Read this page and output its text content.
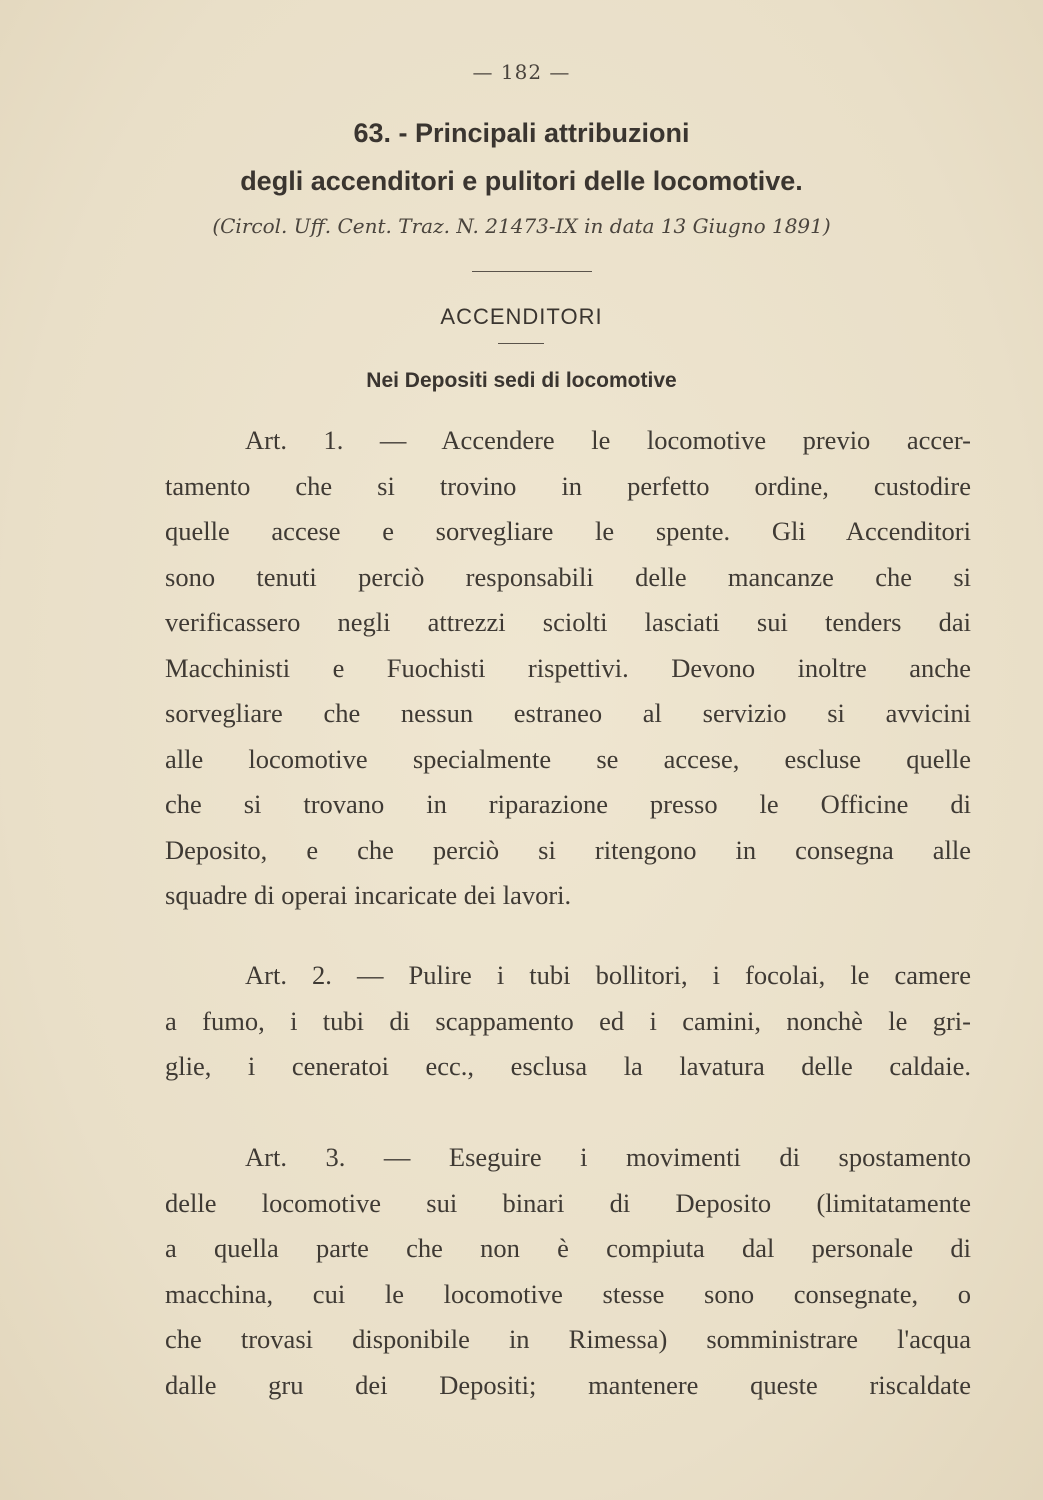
— 182 —
63. - Principali attribuzioni
degli accenditori e pulitori delle locomotive.
(Circol. Uff. Cent. Traz. N. 21473-IX in data 13 Giugno 1891)
ACCENDITORI
Nei Depositi sedi di locomotive
Art. 1. — Accendere le locomotive previo accer-
tamento che si trovino in perfetto ordine, custodire
quelle accese e sorvegliare le spente. Gli Accenditori
sono tenuti perciò responsabili delle mancanze che si
verificassero negli attrezzi sciolti lasciati sui tenders dai
Macchinisti e Fuochisti rispettivi. Devono inoltre anche
sorvegliare che nessun estraneo al servizio si avvicini
alle locomotive specialmente se accese, escluse quelle
che si trovano in riparazione presso le Officine di
Deposito, e che perciò si ritengono in consegna alle
squadre di operai incaricate dei lavori.
Art. 2. — Pulire i tubi bollitori, i focolai, le camere
a fumo, i tubi di scappamento ed i camini, nonchè le gri-
glie, i ceneratoi ecc., esclusa la lavatura delle caldaie.
Art. 3. — Eseguire i movimenti di spostamento
delle locomotive sui binari di Deposito (limitatamente
a quella parte che non è compiuta dal personale di
macchina, cui le locomotive stesse sono consegnate, o
che trovasi disponibile in Rimessa) somministrare l'acqua
dalle gru dei Depositi; mantenere queste riscaldate
